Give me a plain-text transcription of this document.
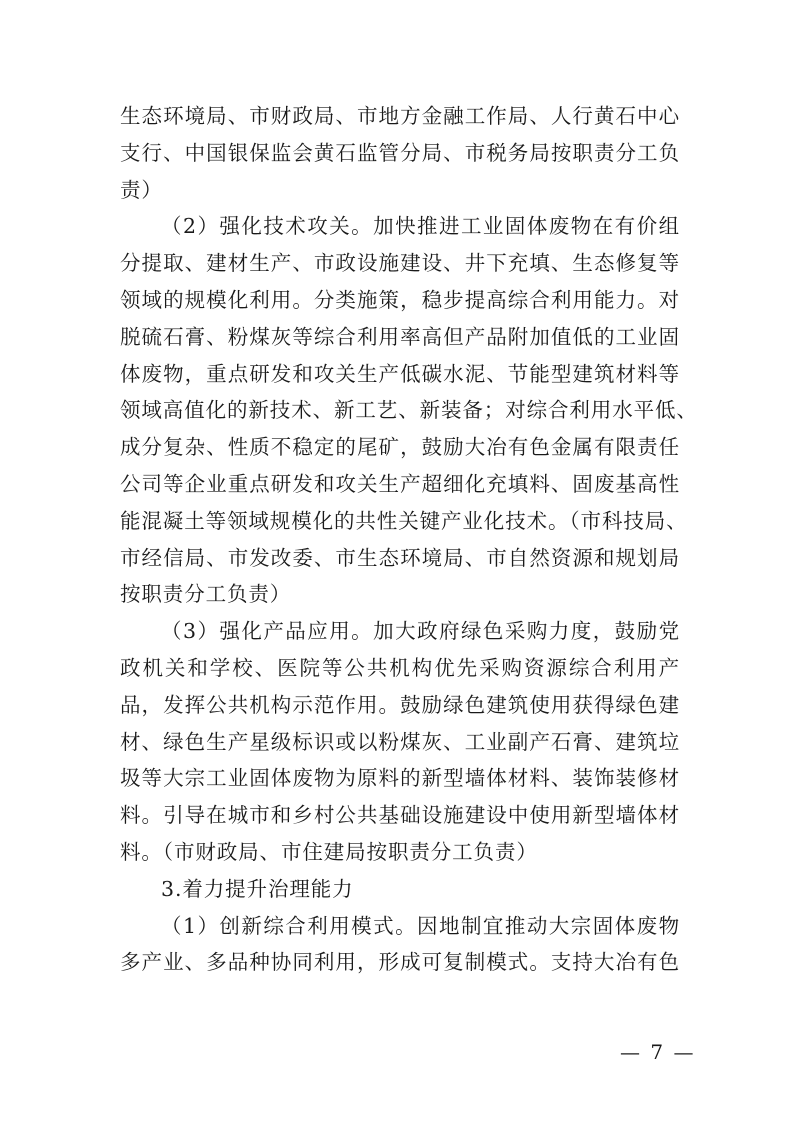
生态环境局、市财政局、市地方金融工作局、人行黄石中心
支行、中国银保监会黄石监管分局、市税务局按职责分工负
责）
（2）强化技术攻关。加快推进工业固体废物在有价组
分提取、建材生产、市政设施建设、井下充填、生态修复等
领域的规模化利用。分类施策，稳步提高综合利用能力。对
脱硫石膏、粉煤灰等综合利用率高但产品附加值低的工业固
体废物，重点研发和攻关生产低碳水泥、节能型建筑材料等
领域高值化的新技术、新工艺、新装备；对综合利用水平低、
成分复杂、性质不稳定的尾矿，鼓励大冶有色金属有限责任
公司等企业重点研发和攻关生产超细化充填料、固废基高性
能混凝土等领域规模化的共性关键产业化技术。（市科技局、
市经信局、市发改委、市生态环境局、市自然资源和规划局
按职责分工负责）
（3）强化产品应用。加大政府绿色采购力度，鼓励党
政机关和学校、医院等公共机构优先采购资源综合利用产
品，发挥公共机构示范作用。鼓励绿色建筑使用获得绿色建
材、绿色生产星级标识或以粉煤灰、工业副产石膏、建筑垃
圾等大宗工业固体废物为原料的新型墙体材料、装饰装修材
料。引导在城市和乡村公共基础设施建设中使用新型墙体材
料。（市财政局、市住建局按职责分工负责）
3.着力提升治理能力
（1）创新综合利用模式。因地制宜推动大宗固体废物
多产业、多品种协同利用，形成可复制模式。支持大冶有色
— 7 —
